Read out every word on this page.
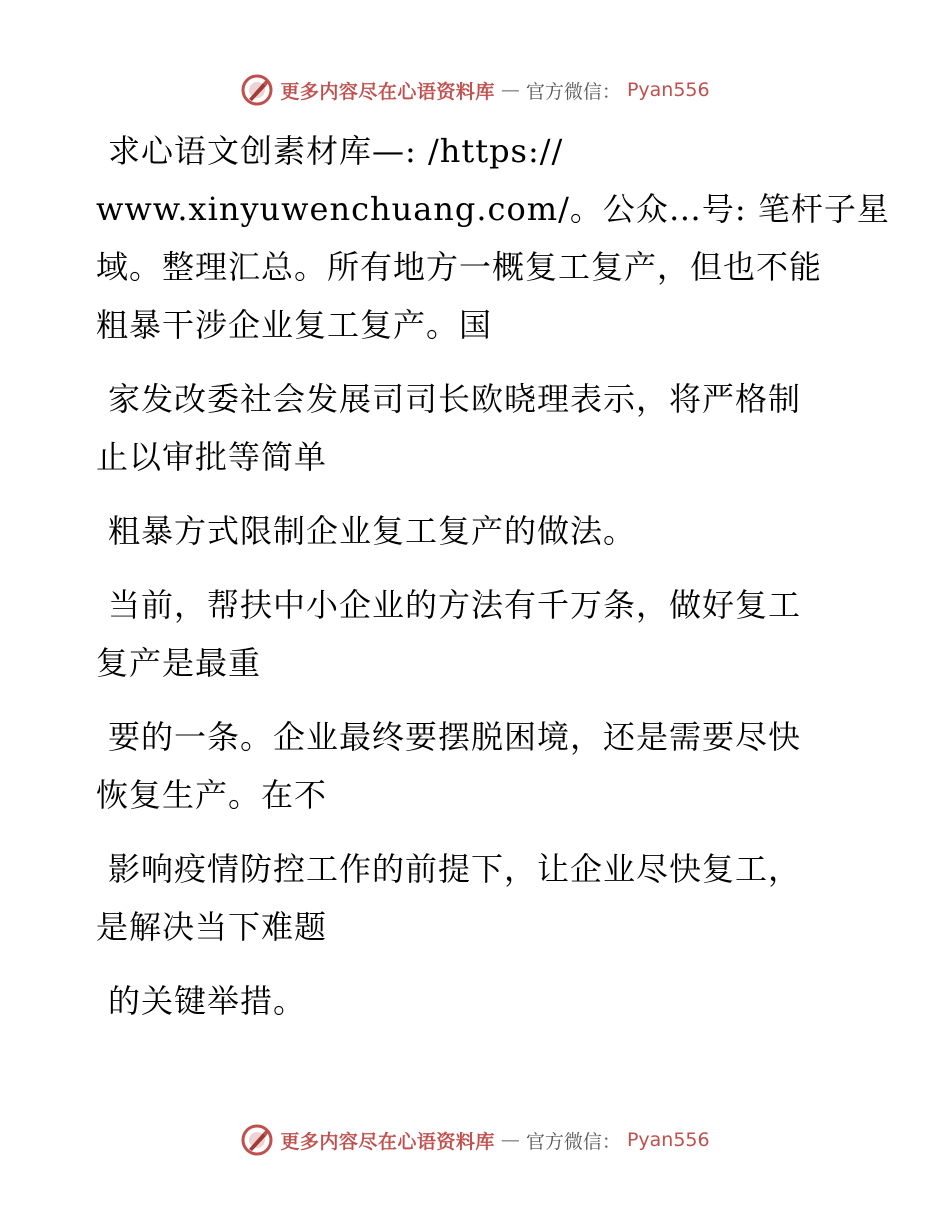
更多内容尽在心语资料库 — 官方微信： Pyan556

求心语文创素材库—: /https://
www.xinyuwenchuang.com/。公众…号: 笔杆子星
域。整理汇总。所有地方一概复工复产，但也不能
粗暴干涉企业复工复产。国

家发改委社会发展司司长欧晓理表示，将严格制
止以审批等简单

粗暴方式限制企业复工复产的做法。

当前，帮扶中小企业的方法有千万条，做好复工
复产是最重

要的一条。企业最终要摆脱困境，还是需要尽快
恢复生产。在不

影响疫情防控工作的前提下，让企业尽快复工，
是解决当下难题

的关键举措。

更多内容尽在心语资料库 — 官方微信： Pyan556
